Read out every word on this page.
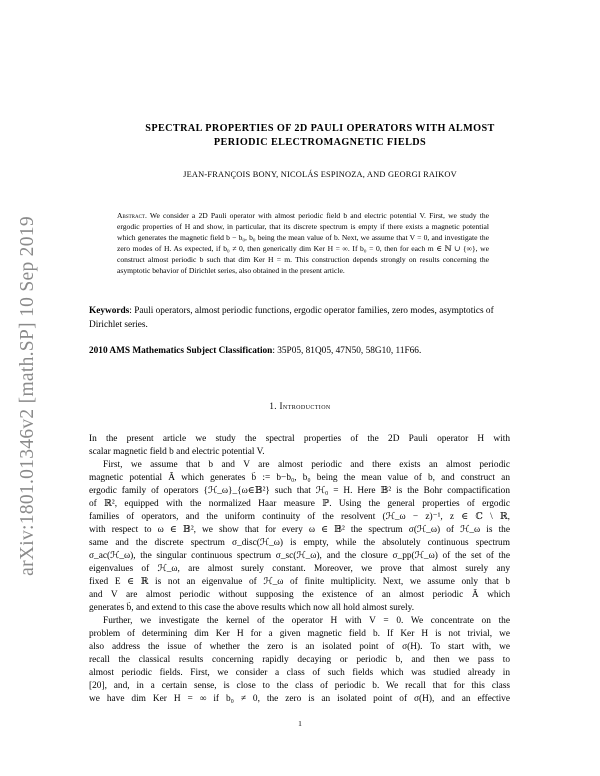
arXiv:1801.01346v2 [math.SP] 10 Sep 2019
SPECTRAL PROPERTIES OF 2D PAULI OPERATORS WITH ALMOST
PERIODIC ELECTROMAGNETIC FIELDS
JEAN-FRANÇOIS BONY, NICOLÁS ESPINOZA, AND GEORGI RAIKOV
Abstract. We consider a 2D Pauli operator with almost periodic field b and electric potential V. First, we study the ergodic properties of H and show, in particular, that its discrete spectrum is empty if there exists a magnetic potential which generates the magnetic field b − b₀, b₀ being the mean value of b. Next, we assume that V = 0, and investigate the zero modes of H. As expected, if b₀ ≠ 0, then generically dim Ker H = ∞. If b₀ = 0, then for each m ∈ ℕ ∪ {∞}, we construct almost periodic b such that dim Ker H = m. This construction depends strongly on results concerning the asymptotic behavior of Dirichlet series, also obtained in the present article.
Keywords: Pauli operators, almost periodic functions, ergodic operator families, zero modes, asymptotics of Dirichlet series.
2010 AMS Mathematics Subject Classification: 35P05, 81Q05, 47N50, 58G10, 11F66.
1. Introduction
In the present article we study the spectral properties of the 2D Pauli operator H with
scalar magnetic field b and electric potential V.
First, we assume that b and V are almost periodic and there exists an almost periodic
magnetic potential Ã which generates b̃ := b−b₀, b₀ being the mean value of b, and construct an
ergodic family of operators {ℋ_ω}_{ω∈𝔹²} such that ℋ₀ = H. Here 𝔹² is the Bohr compactification
of ℝ², equipped with the normalized Haar measure ℙ. Using the general properties of ergodic
families of operators, and the uniform continuity of the resolvent (ℋ_ω − z)⁻¹, z ∈ ℂ \ ℝ,
with respect to ω ∈ 𝔹², we show that for every ω ∈ 𝔹² the spectrum σ(ℋ_ω) of ℋ_ω is the
same and the discrete spectrum σ_disc(ℋ_ω) is empty, while the absolutely continuous spectrum
σ_ac(ℋ_ω), the singular continuous spectrum σ_sc(ℋ_ω), and the closure σ_pp(ℋ_ω) of the set of the
eigenvalues of ℋ_ω, are almost surely constant. Moreover, we prove that almost surely any
fixed E ∈ ℝ is not an eigenvalue of ℋ_ω of finite multiplicity. Next, we assume only that b
and V are almost periodic without supposing the existence of an almost periodic Ã which
generates b̃, and extend to this case the above results which now all hold almost surely.
Further, we investigate the kernel of the operator H with V = 0. We concentrate on the
problem of determining dim Ker H for a given magnetic field b. If Ker H is not trivial, we
also address the issue of whether the zero is an isolated point of σ(H). To start with, we
recall the classical results concerning rapidly decaying or periodic b, and then we pass to
almost periodic fields. First, we consider a class of such fields which was studied already in
[20], and, in a certain sense, is close to the class of periodic b. We recall that for this class
we have dim Ker H = ∞ if b₀ ≠ 0, the zero is an isolated point of σ(H), and an effective
1
